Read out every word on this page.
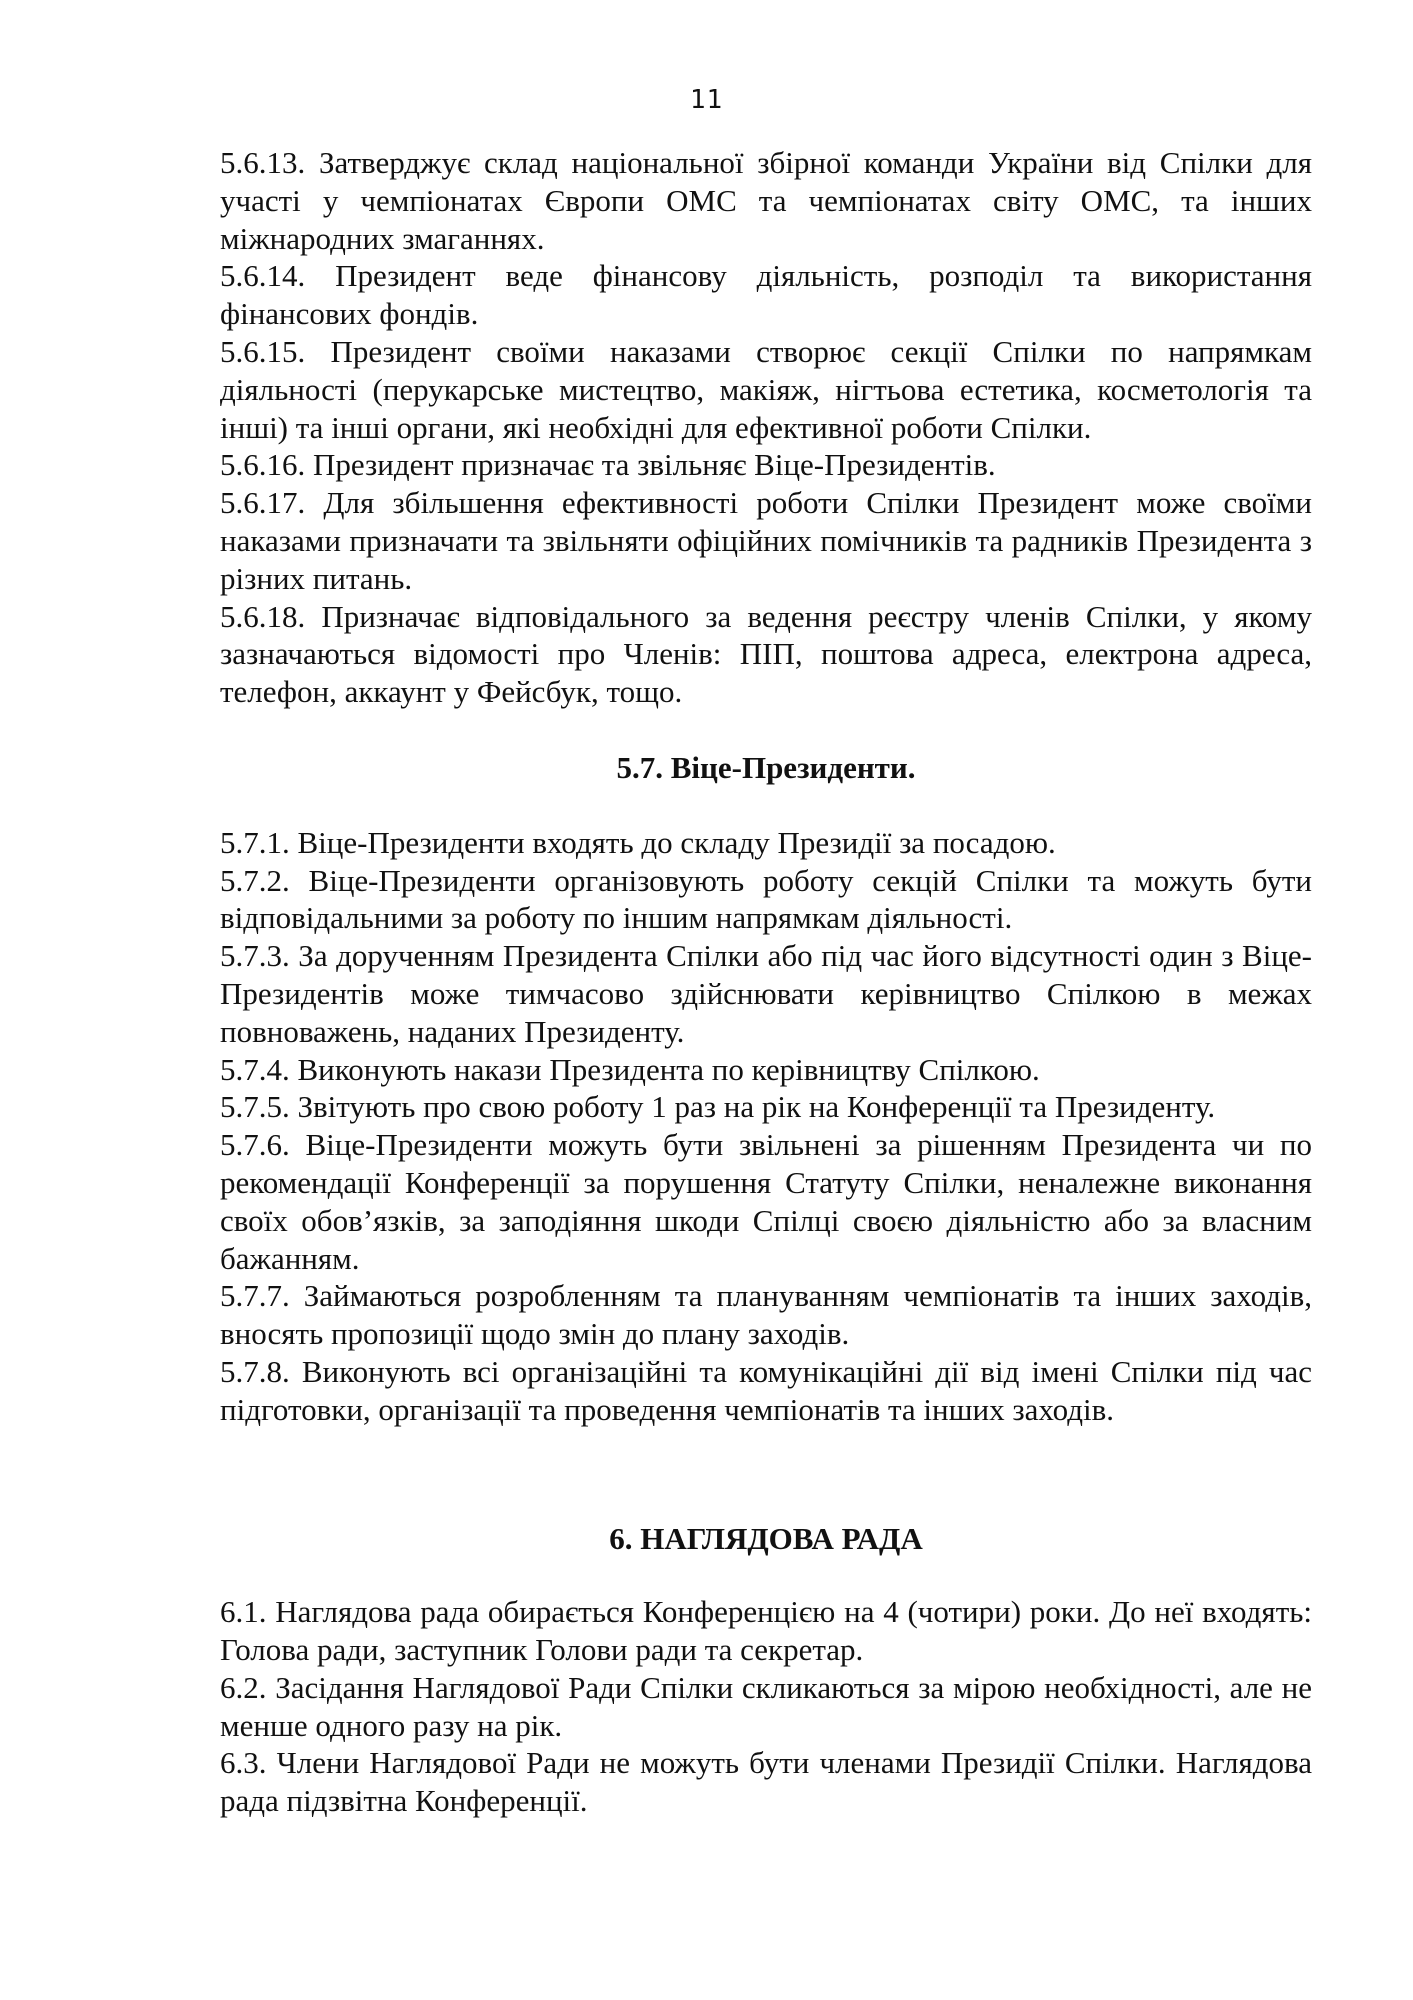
11

5.6.13. Затверджує склад національної збірної команди України від Спілки для участі у чемпіонатах Європи ОМС та чемпіонатах світу ОМС, та інших міжнародних змаганнях.

5.6.14. Президент веде фінансову діяльність, розподіл та використання фінансових фондів.

5.6.15. Президент своїми наказами створює секції Спілки по напрямкам діяльності (перукарське мистецтво, макіяж, нігтьова естетика, косметологія та інші) та інші органи, які необхідні для ефективної роботи Спілки.

5.6.16. Президент призначає та звільняє Віце-Президентів.

5.6.17. Для збільшення ефективності роботи Спілки Президент може своїми наказами призначати та звільняти офіційних помічників та радників Президента з різних питань.

5.6.18. Призначає відповідального за ведення реєстру членів Спілки, у якому зазначаються відомості про Членів: ПІП, поштова адреса, електрона адреса, телефон, аккаунт у Фейсбук, тощо.

5.7. Віце-Президенти.

5.7.1. Віце-Президенти входять до складу Президії за посадою.

5.7.2. Віце-Президенти організовують роботу секцій Спілки та можуть бути відповідальними за роботу по іншим напрямкам діяльності.

5.7.3. За дорученням Президента Спілки або під час його відсутності один з Віце-Президентів може тимчасово здійснювати керівництво Спілкою в межах повноважень, наданих Президенту.

5.7.4. Виконують накази Президента по керівництву Спілкою.

5.7.5. Звітують про свою роботу 1 раз на рік на Конференції та Президенту.

5.7.6. Віце-Президенти можуть бути звільнені за рішенням Президента чи по рекомендації Конференції за порушення Статуту Спілки, неналежне виконання своїх обов’язків, за заподіяння шкоди Спілці своєю діяльністю або за власним бажанням.

5.7.7. Займаються розробленням та плануванням чемпіонатів та інших заходів, вносять пропозиції щодо змін до плану заходів.

5.7.8. Виконують всі організаційні та комунікаційні дії від імені Спілки під час підготовки, організації та проведення чемпіонатів та інших заходів.

6. НАГЛЯДОВА РАДА

6.1. Наглядова рада обирається Конференцією на 4 (чотири) роки. До неї входять: Голова ради, заступник Голови ради та секретар.

6.2. Засідання Наглядової Ради Спілки скликаються за мірою необхідності, але не менше одного разу на рік.

6.3. Члени Наглядової Ради не можуть бути членами Президії Спілки. Наглядова рада підзвітна Конференції.
